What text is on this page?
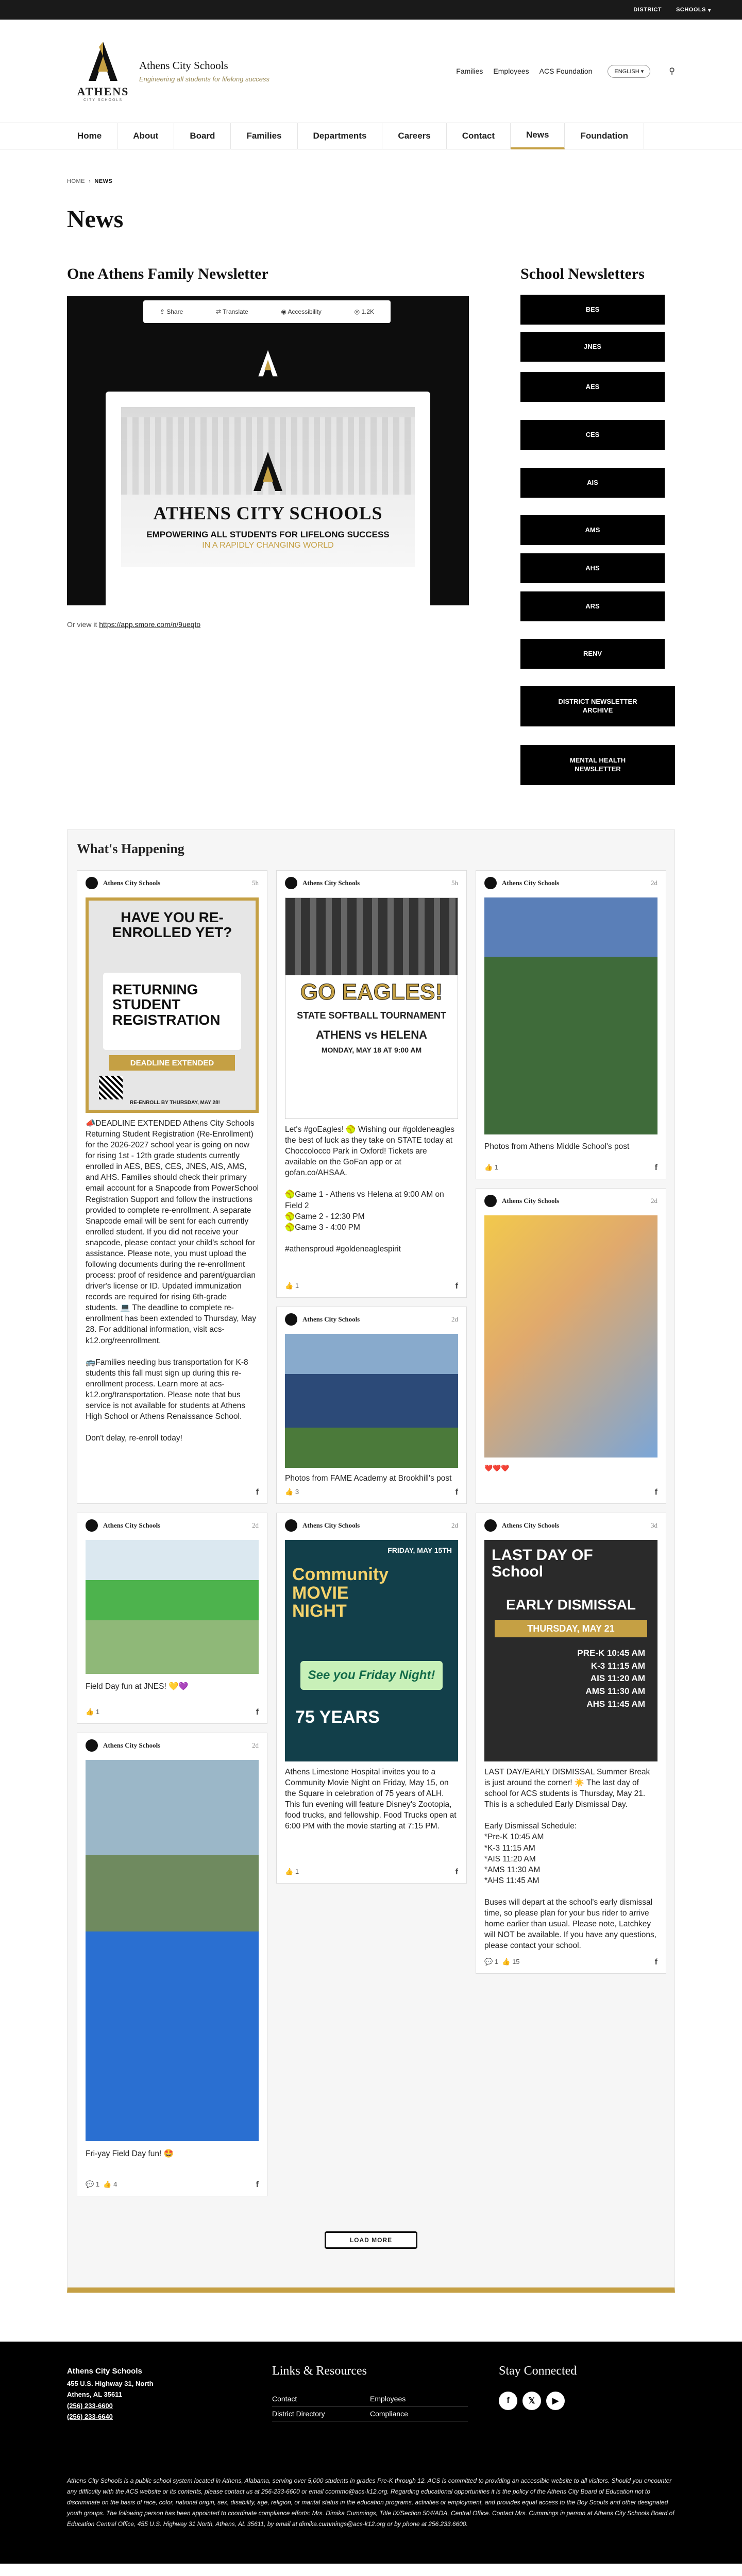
DISTRICT	SCHOOLS ▾
ATHENS
CITY SCHOOLS
Athens City Schools
Engineering all students for lifelong success
Families Employees ACS Foundation	ENGLISH ▾	⚲
Home	About	Board	Families	Departments	Careers	Contact	News	Foundation
HOME  ›  NEWS
News
One Athens Family Newsletter
⇪ Share	⇄ Translate	◉ Accessibility	◎ 1.2K
ATHENS CITY SCHOOLS
EMPOWERING ALL STUDENTS FOR LIFELONG SUCCESS
IN A RAPIDLY CHANGING WORLD
Or view it https://app.smore.com/n/9ueqto
School Newsletters
BES
JNES
AES
CES
AIS
AMS
AHS
ARS
RENV
DISTRICT NEWSLETTER ARCHIVE
MENTAL HEALTH NEWSLETTER
What's Happening
Athens City Schools	5h
HAVE YOU RE-ENROLLED YET?
RETURNING STUDENT REGISTRATION
DEADLINE EXTENDED
RE-ENROLL BY THURSDAY, MAY 28!
📣DEADLINE EXTENDED Athens City Schools Returning Student Registration (Re-Enrollment) for the 2026-2027 school year is going on now for rising 1st - 12th grade students currently enrolled in AES, BES, CES, JNES, AIS, AMS, and AHS. Families should check their primary email account for a Snapcode from PowerSchool Registration Support and follow the instructions provided to complete re-enrollment. A separate Snapcode email will be sent for each currently enrolled student. If you did not receive your snapcode, please contact your child's school for assistance. Please note, you must upload the following documents during the re-enrollment process: proof of residence and parent/guardian driver's license or ID. Updated immunization records are required for rising 6th-grade students. 💻 The deadline to complete re-enrollment has been extended to Thursday, May 28. For additional information, visit acs-k12.org/reenrollment.

🚌Families needing bus transportation for K-8 students this fall must sign up during this re-enrollment process. Learn more at acs-k12.org/transportation. Please note that bus service is not available for students at Athens High School or Athens Renaissance School.

Don't delay, re-enroll today!
f
Athens City Schools	5h
GO EAGLES!
STATE SOFTBALL TOURNAMENT
ATHENS vs HELENA
MONDAY, MAY 18 AT 9:00 AM
Let's #goEagles! 🥎 Wishing our #goldeneagles the best of luck as they take on STATE today at Choccolocco Park in Oxford! Tickets are available on the GoFan app or at gofan.co/AHSAA.

🥎Game 1 - Athens vs Helena at 9:00 AM on Field 2
🥎Game 2 - 12:30 PM
🥎Game 3 - 4:00 PM

#athensproud #goldeneaglespirit
👍 1	f
Athens City Schools	2d
Photos from Athens Middle School's post
👍 1	f
Athens City Schools	2d
Photos from FAME Academy at Brookhill's post
👍 3	f
Athens City Schools	2d
❤️❤️❤️
f
Athens City Schools	2d
Field Day fun at JNES! 💛💜
👍 1	f
Athens City Schools	2d
FRIDAY, MAY 15TH
Community MOVIE NIGHT
See you Friday Night!
75 YEARS
Athens Limestone Hospital invites you to a Community Movie Night on Friday, May 15, on the Square in celebration of 75 years of ALH. This fun evening will feature Disney's Zootopia, food trucks, and fellowship. Food Trucks open at 6:00 PM with the movie starting at 7:15 PM.
👍 1	f
Athens City Schools	3d
LAST DAY OF School
EARLY DISMISSAL
THURSDAY, MAY 21
PRE-K 10:45 AM
K-3 11:15 AM
AIS 11:20 AM
AMS 11:30 AM
AHS 11:45 AM
LAST DAY/EARLY DISMISSAL Summer Break is just around the corner! ☀️ The last day of school for ACS students is Thursday, May 21. This is a scheduled Early Dismissal Day.

Early Dismissal Schedule:
*Pre-K 10:45 AM
*K-3 11:15 AM
*AIS 11:20 AM
*AMS 11:30 AM
*AHS 11:45 AM

Buses will depart at the school's early dismissal time, so please plan for your bus rider to arrive home earlier than usual. Please note, Latchkey will NOT be available. If you have any questions, please contact your school.
💬 1  👍 15	f
Athens City Schools	2d
Fri-yay Field Day fun! 🤩
💬 1  👍 4	f
LOAD MORE
Athens City Schools
455 U.S. Highway 31, North
Athens, AL 35611
(256) 233-6600
(256) 233-6640
Links & Resources
Contact	Employees
District Directory	Compliance
Stay Connected
f	𝕏	▶
Athens City Schools is a public school system located in Athens, Alabama, serving over 5,000 students in grades Pre-K through 12. ACS is committed to providing an accessible website to all visitors. Should you encounter any difficulty with the ACS website or its contents, please contact us at 256-233-6600 or email ccommo@acs-k12.org. Regarding educational opportunities it is the policy of the Athens City Board of Education not to discriminate on the basis of race, color, national origin, sex, disability, age, religion, or marital status in the education programs, activities or employment, and provides equal access to the Boy Scouts and other designated youth groups. The following person has been appointed to coordinate compliance efforts: Mrs. Dimika Cummings, Title IX/Section 504/ADA, Central Office. Contact Mrs. Cummings in person at Athens City Schools Board of Education Central Office, 455 U.S. Highway 31 North, Athens, AL 35611, by email at dimika.cummings@acs-k12.org or by phone at 256.233.6600.
